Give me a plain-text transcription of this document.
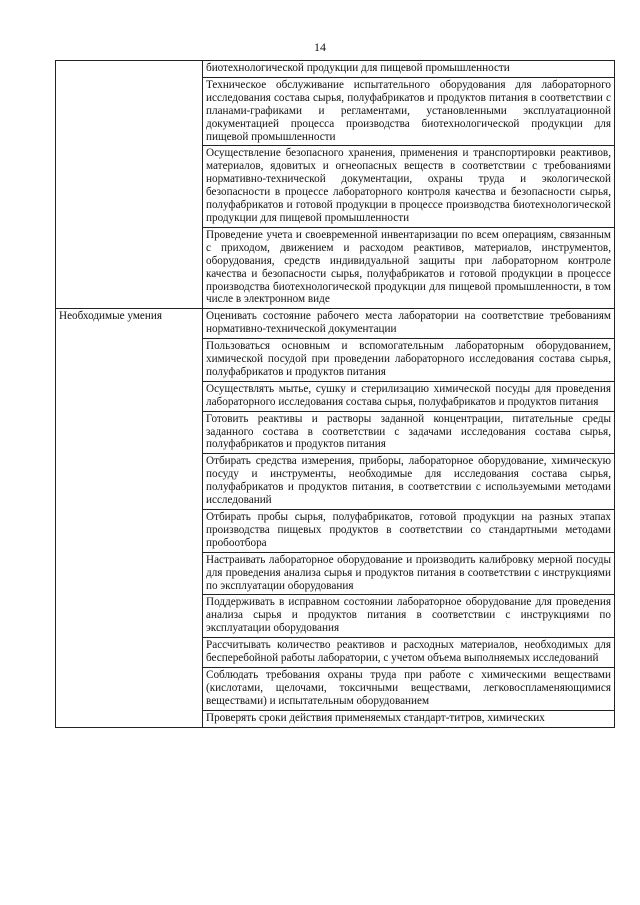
14
	биотехнологической продукции для пищевой промышленности
	Техническое обслуживание испытательного оборудования для лабораторного исследования состава сырья, полуфабрикатов и продуктов питания в соответствии с планами-графиками и регламентами, установленными эксплуатационной документацией процесса производства биотехнологической продукции для пищевой промышленности
	Осуществление безопасного хранения, применения и транспортировки реактивов, материалов, ядовитых и огнеопасных веществ в соответствии с требованиями нормативно-технической документации, охраны труда и экологической безопасности в процессе лабораторного контроля качества и безопасности сырья, полуфабрикатов и готовой продукции в процессе производства биотехнологической продукции для пищевой промышленности
	Проведение учета и своевременной инвентаризации по всем операциям, связанным с приходом, движением и расходом реактивов, материалов, инструментов, оборудования, средств индивидуальной защиты при лабораторном контроле качества и безопасности сырья, полуфабрикатов и готовой продукции в процессе производства биотехнологической продукции для пищевой промышленности, в том числе в электронном виде
Необходимые умения	Оценивать состояние рабочего места лаборатории на соответствие требованиям нормативно-технической документации
	Пользоваться основным и вспомогательным лабораторным оборудованием, химической посудой при проведении лабораторного исследования состава сырья, полуфабрикатов и продуктов питания
	Осуществлять мытье, сушку и стерилизацию химической посуды для проведения лабораторного исследования состава сырья, полуфабрикатов и продуктов питания
	Готовить реактивы и растворы заданной концентрации, питательные среды заданного состава в соответствии с задачами исследования состава сырья, полуфабрикатов и продуктов питания
	Отбирать средства измерения, приборы, лабораторное оборудование, химическую посуду и инструменты, необходимые для исследования состава сырья, полуфабрикатов и продуктов питания, в соответствии с используемыми методами исследований
	Отбирать пробы сырья, полуфабрикатов, готовой продукции на разных этапах производства пищевых продуктов в соответствии со стандартными методами пробоотбора
	Настраивать лабораторное оборудование и производить калибровку мерной посуды для проведения анализа сырья и продуктов питания в соответствии с инструкциями по эксплуатации оборудования
	Поддерживать в исправном состоянии лабораторное оборудование для проведения анализа сырья и продуктов питания в соответствии с инструкциями по эксплуатации оборудования
	Рассчитывать количество реактивов и расходных материалов, необходимых для бесперебойной работы лаборатории, с учетом объема выполняемых исследований
	Соблюдать требования охраны труда при работе с химическими веществами (кислотами, щелочами, токсичными веществами, легковоспламеняющимися веществами) и испытательным оборудованием
	Проверять сроки действия применяемых стандарт-титров, химических
